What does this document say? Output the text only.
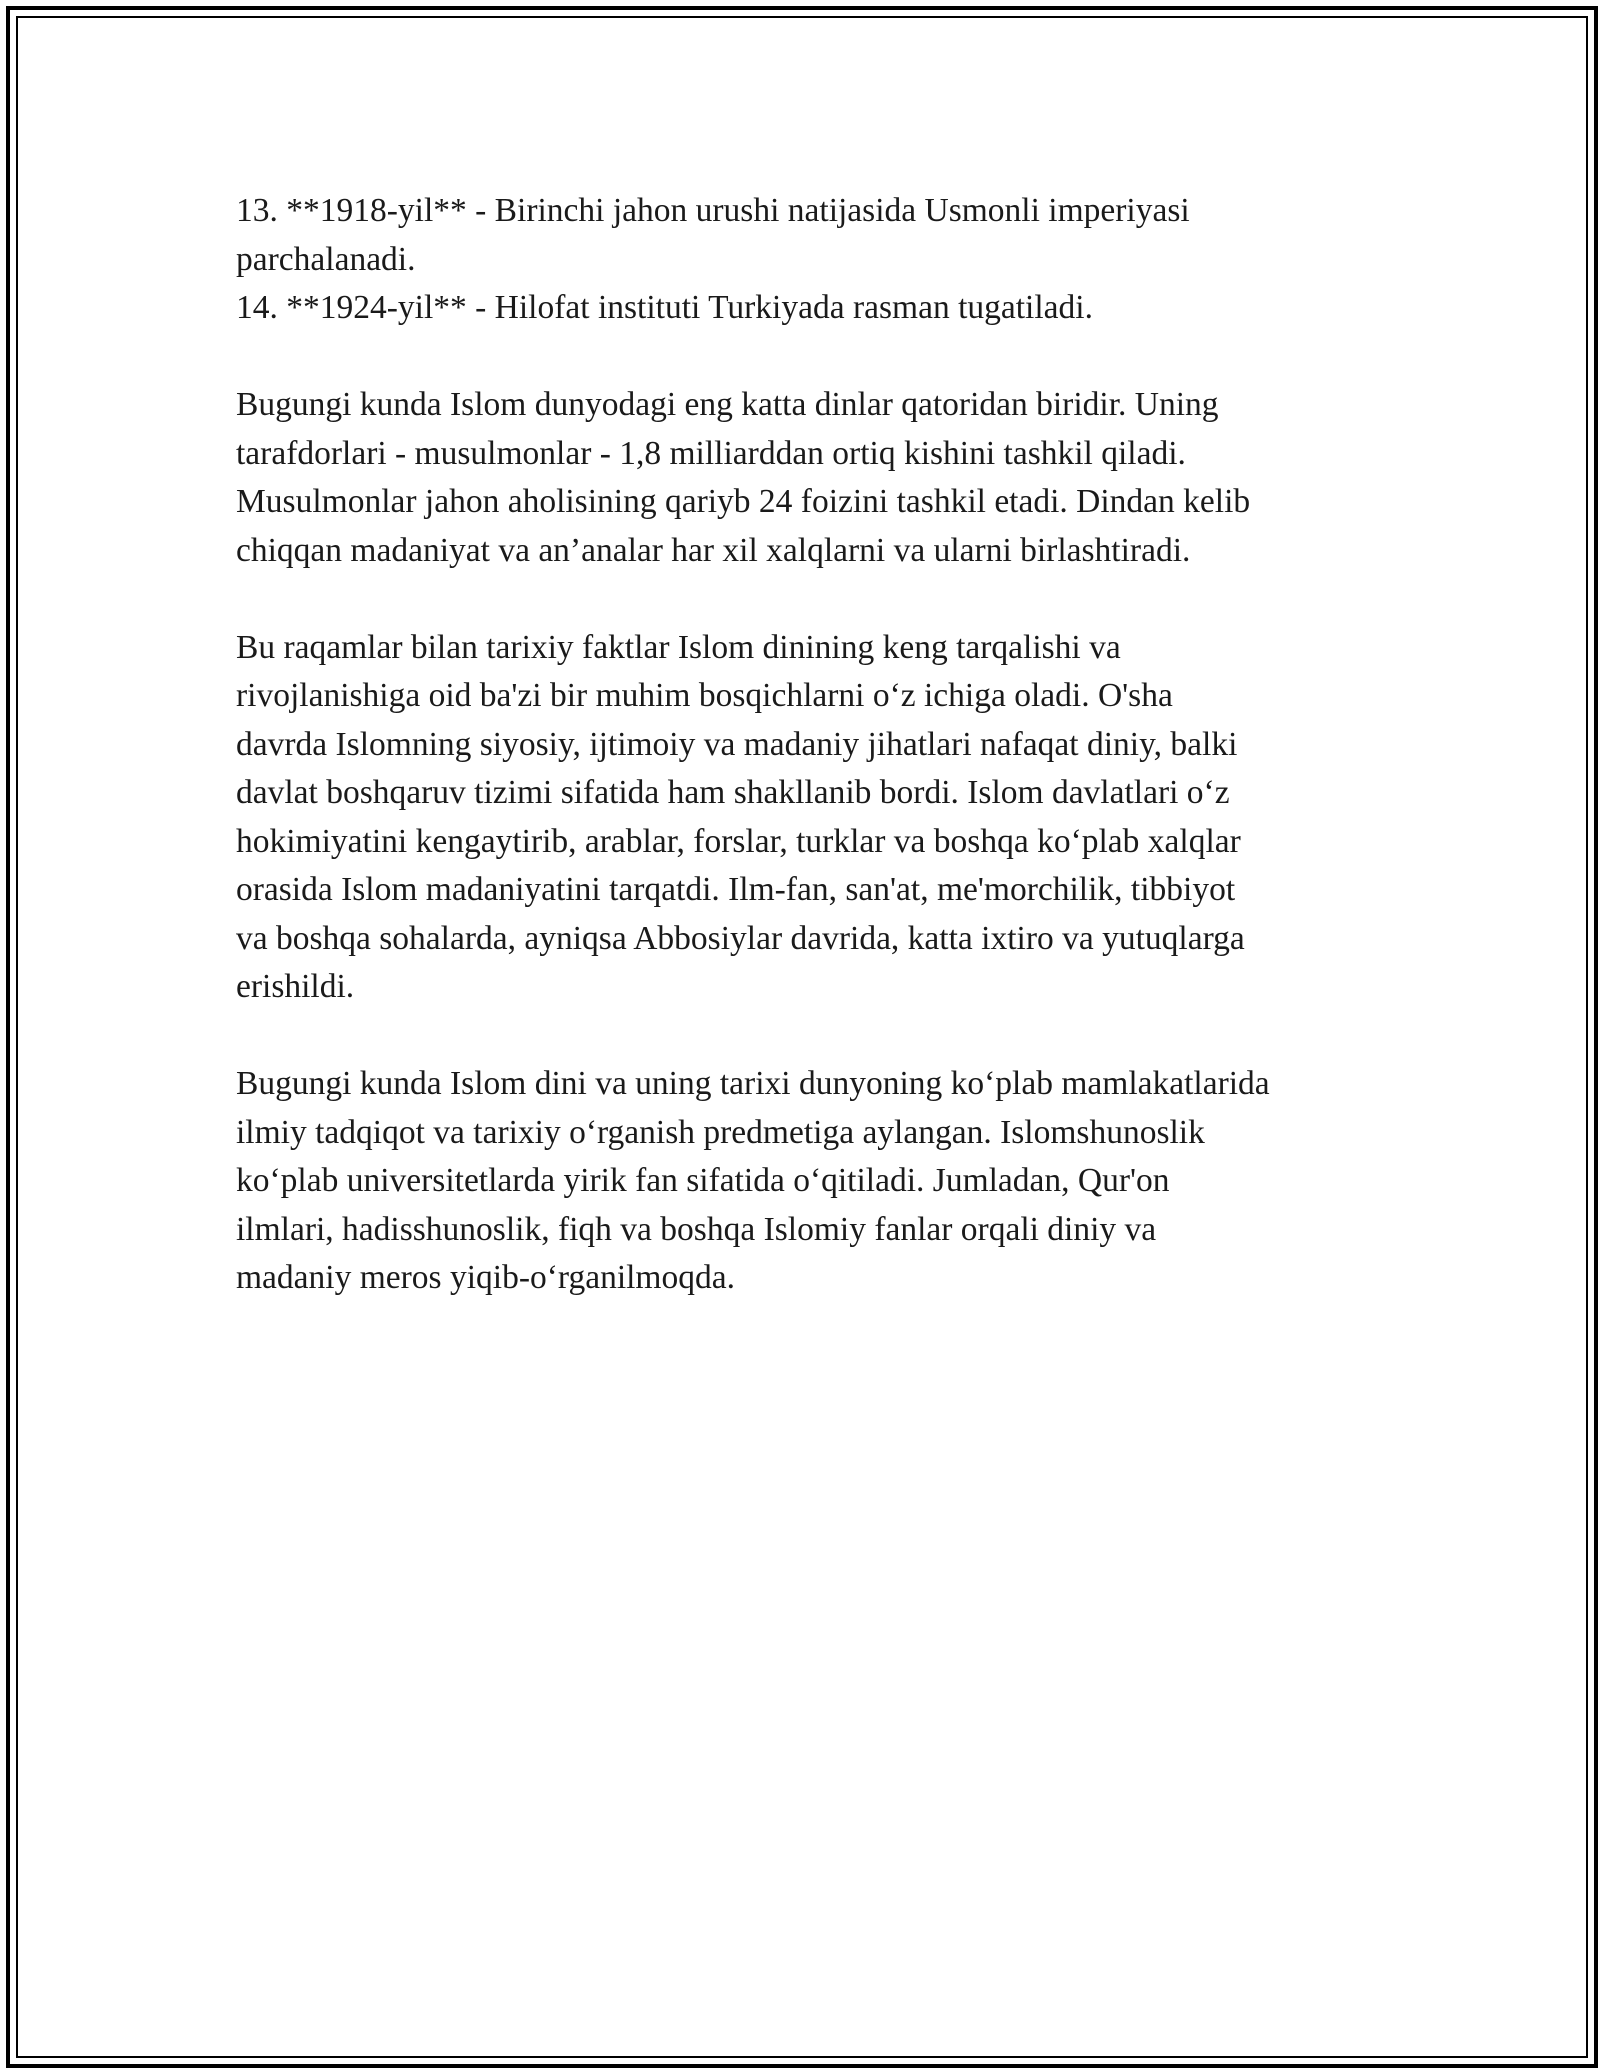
13. **1918-yil** - Birinchi jahon urushi natijasida Usmonli imperiyasi
parchalanadi.
14. **1924-yil** - Hilofat instituti Turkiyada rasman tugatiladi.
Bugungi kunda Islom dunyodagi eng katta dinlar qatoridan biridir. Uning
tarafdorlari - musulmonlar - 1,8 milliarddan ortiq kishini tashkil qiladi.
Musulmonlar jahon aholisining qariyb 24 foizini tashkil etadi. Dindan kelib
chiqqan madaniyat va an’analar har xil xalqlarni va ularni birlashtiradi.
Bu raqamlar bilan tarixiy faktlar Islom dinining keng tarqalishi va
rivojlanishiga oid ba'zi bir muhim bosqichlarni o‘z ichiga oladi. O'sha
davrda Islomning siyosiy, ijtimoiy va madaniy jihatlari nafaqat diniy, balki
davlat boshqaruv tizimi sifatida ham shakllanib bordi. Islom davlatlari o‘z
hokimiyatini kengaytirib, arablar, forslar, turklar va boshqa ko‘plab xalqlar
orasida Islom madaniyatini tarqatdi. Ilm-fan, san'at, me'morchilik, tibbiyot
va boshqa sohalarda, ayniqsa Abbosiylar davrida, katta ixtiro va yutuqlarga
erishildi.
Bugungi kunda Islom dini va uning tarixi dunyoning ko‘plab mamlakatlarida
ilmiy tadqiqot va tarixiy o‘rganish predmetiga aylangan. Islomshunoslik
ko‘plab universitetlarda yirik fan sifatida o‘qitiladi. Jumladan, Qur'on
ilmlari, hadisshunoslik, fiqh va boshqa Islomiy fanlar orqali diniy va
madaniy meros yiqib-o‘rganilmoqda.
